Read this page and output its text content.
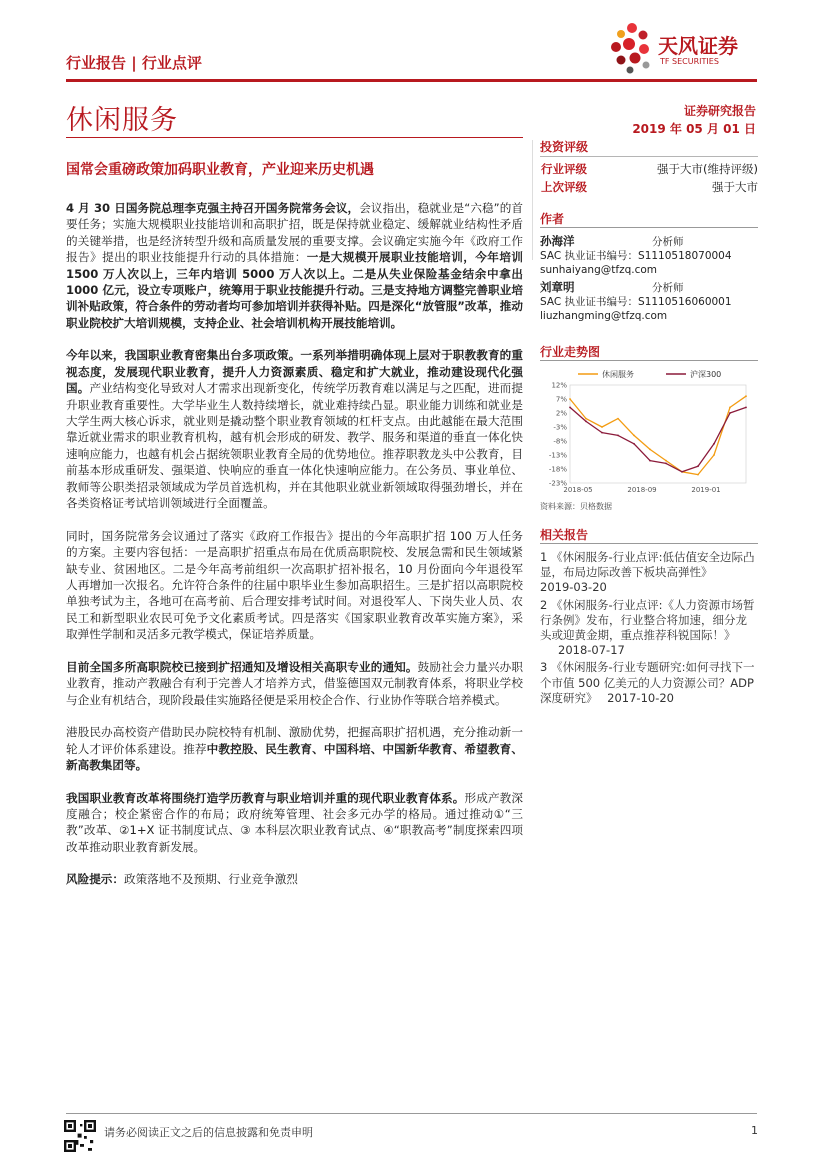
天风证券
TF SECURITIES
行业报告 | 行业点评
休闲服务	证券研究报告
2019 年 05 月 01 日
国常会重磅政策加码职业教育，产业迎来历史机遇

4 月 30 日国务院总理李克强主持召开国务院常务会议，会议指出，稳就业是“六稳”的首要任务；实施大规模职业技能培训和高职扩招，既是保持就业稳定、缓解就业结构性矛盾的关键举措，也是经济转型升级和高质量发展的重要支撑。会议确定实施今年《政府工作报告》提出的职业技能提升行动的具体措施：一是大规模开展职业技能培训，今年培训 1500 万人次以上，三年内培训 5000 万人次以上。二是从失业保险基金结余中拿出 1000 亿元，设立专项账户，统筹用于职业技能提升行动。三是支持地方调整完善职业培训补贴政策，符合条件的劳动者均可参加培训并获得补贴。四是深化“放管服”改革，推动职业院校扩大培训规模，支持企业、社会培训机构开展技能培训。

今年以来，我国职业教育密集出台多项政策。一系列举措明确体现上层对于职教教育的重视态度，发展现代职业教育，提升人力资源素质、稳定和扩大就业，推动建设现代化强国。产业结构变化导致对人才需求出现新变化，传统学历教育难以满足与之匹配，进而提升职业教育重要性。大学毕业生人数持续增长，就业难持续凸显。职业能力训练和就业是大学生两大核心诉求，就业则是撬动整个职业教育领域的杠杆支点。由此越能在最大范围靠近就业需求的职业教育机构，越有机会形成的研发、教学、服务和渠道的垂直一体化快速响应能力，也越有机会占据统领职业教育全局的优势地位。推荐职教龙头中公教育，目前基本形成重研发、强渠道、快响应的垂直一体化快速响应能力。在公务员、事业单位、教师等公职类招录领域成为学员首选机构，并在其他职业就业新领域取得强劲增长，并在各类资格证考试培训领域进行全面覆盖。

同时，国务院常务会议通过了落实《政府工作报告》提出的今年高职扩招 100 万人任务的方案。主要内容包括：一是高职扩招重点布局在优质高职院校、发展急需和民生领域紧缺专业、贫困地区。二是今年高考前组织一次高职扩招补报名，10 月份面向今年退役军人再增加一次报名。允许符合条件的往届中职毕业生参加高职招生。三是扩招以高职院校单独考试为主，各地可在高考前、后合理安排考试时间。对退役军人、下岗失业人员、农民工和新型职业农民可免予文化素质考试。四是落实《国家职业教育改革实施方案》，采取弹性学制和灵活多元教学模式，保证培养质量。

目前全国多所高职院校已接到扩招通知及增设相关高职专业的通知。鼓励社会力量兴办职业教育，推动产教融合有利于完善人才培养方式，借鉴德国双元制教育体系，将职业学校与企业有机结合，现阶段最佳实施路径便是采用校企合作、行业协作等联合培养模式。

港股民办高校资产借助民办院校特有机制、激励优势，把握高职扩招机遇，充分推动新一轮人才评价体系建设。推荐中教控股、民生教育、中国科培、中国新华教育、希望教育、新高教集团等。

我国职业教育改革将围绕打造学历教育与职业培训并重的现代职业教育体系。形成产教深度融合；校企紧密合作的布局；政府统筹管理、社会多元办学的格局。通过推动①“三教”改革、②1+X 证书制度试点、③ 本科层次职业教育试点、④“职教高考”制度探索四项改革推动职业教育新发展。

风险提示：政策落地不及预期、行业竞争激烈

投资评级
行业评级	强于大市(维持评级)
上次评级	强于大市
作者
孙海洋	分析师
SAC 执业证书编号：S1110518070004
sunhaiyang@tfzq.com
刘章明	分析师
SAC 执业证书编号：S1110516060001
liuzhangming@tfzq.com
行业走势图
12%
7%
2%
-3%
-8%
-13%
-18%
-23%
2018-05	2018-09	2019-01
休闲服务	沪深300
资料来源：贝格数据
相关报告
1 《休闲服务-行业点评:低估值安全边际凸显，布局边际改善下板块高弹性》
2019-03-20
2 《休闲服务-行业点评:《人力资源市场暂行条例》发布，行业整合将加速，细分龙头或迎黄金期，重点推荐科锐国际！》 2018-07-17
3 《休闲服务-行业专题研究:如何寻找下一个市值 500 亿美元的人力资源公司？ADP 深度研究》 2017-10-20
请务必阅读正文之后的信息披露和免责申明	1
